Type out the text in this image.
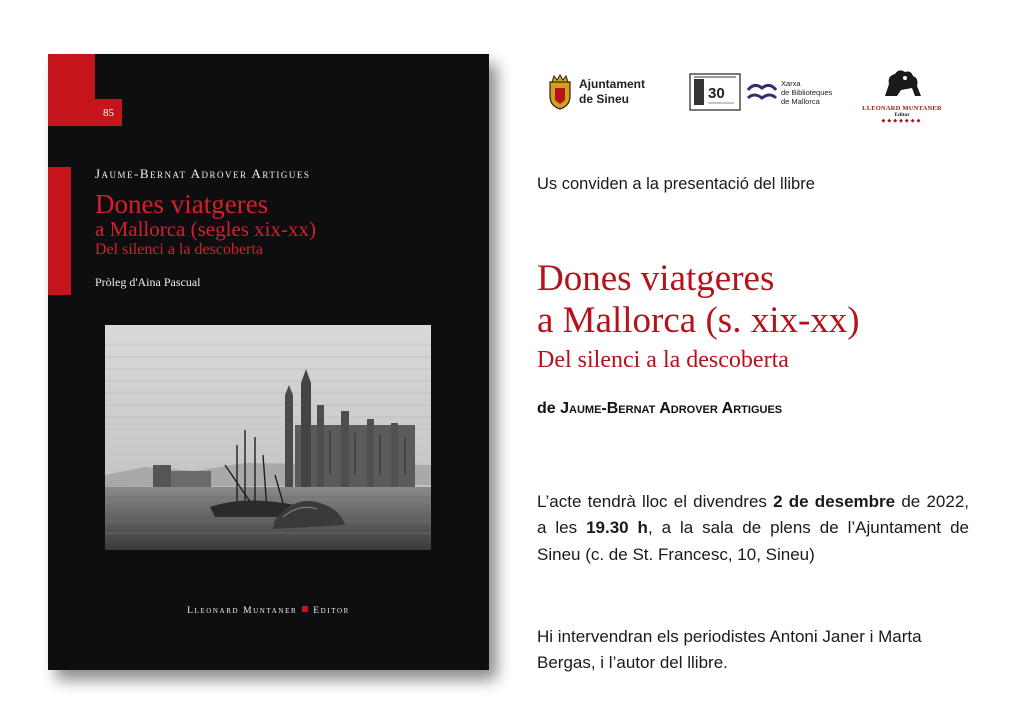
85
Jaume-Bernat Adrover Artigues
Dones viatgeres
a Mallorca (segles xix-xx)
Del silenci a la descoberta
Pròleg d'Aina Pascual
Lleonard Muntaner Editor
Ajuntament
de Sineu	30
Xarxa
de Biblioteques
de Mallorca
LLEONARD MUNTANER
Editor
◆◆◆◆◆◆◆
Us conviden a la presentació del llibre
Dones viatgeres
a Mallorca (s. xix-xx)
Del silenci a la descoberta
de Jaume-Bernat Adrover Artigues
L’acte tendrà lloc el divendres 2 de desembre de 2022, a les 19.30 h, a la sala de plens de l’Ajuntament de Sineu (c. de St. Francesc, 10, Sineu)
Hi intervendran els periodistes Antoni Janer i Marta Bergas, i l’autor del llibre.
